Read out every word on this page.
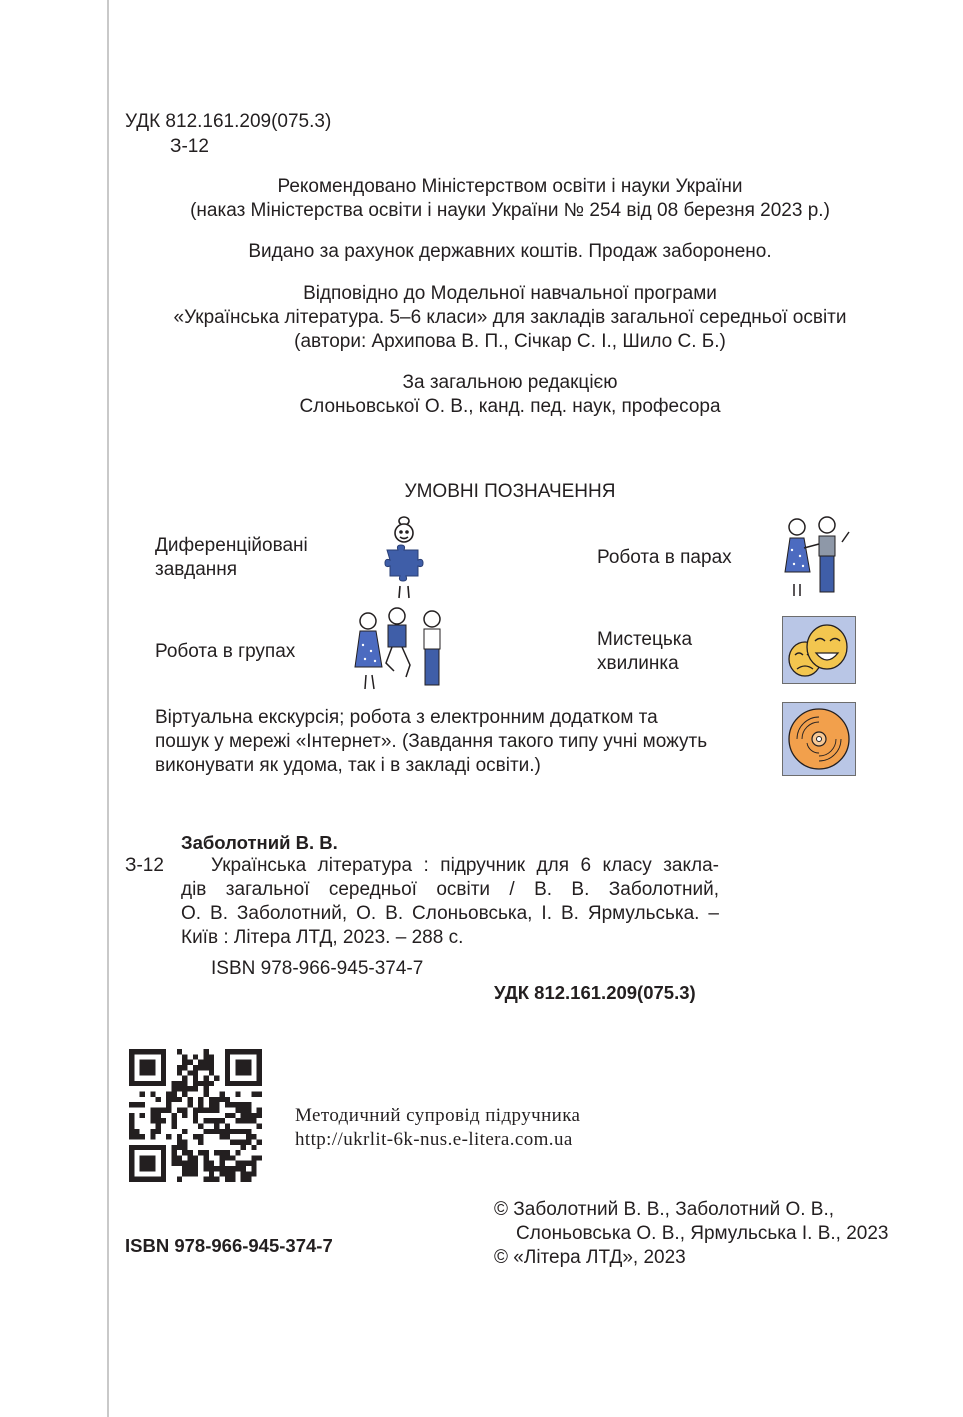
УДК 812.161.209(075.3)
З-12
Рекомендовано Міністерством освіти і науки України
(наказ Міністерства освіти і науки України № 254 від 08 березня 2023 р.)
Видано за рахунок державних коштів. Продаж заборонено.
Відповідно до Модельної навчальної програми
«Українська література. 5–6 класи» для закладів загальної середньої освіти
(автори: Архипова В. П., Січкар С. І., Шило С. Б.)
За загальною редакцією
Слоньовської О. В., канд. пед. наук, професора
УМОВНІ ПОЗНАЧЕННЯ
Диференційовані
завдання
Робота в парах
Робота в групах
Мистецька
хвилинка
Віртуальна екскурсія; робота з електронним додатком та
пошук у мережі «Інтернет». (Завдання такого типу учні можуть
виконувати як удома, так і в закладі освіти.)
Заболотний В. В.
З-12 Українська література : підручник для 6 класу закла-
дів загальної середньої освіти / В. В. Заболотний,
О. В. Заболотний, О. В. Слоньовська, І. В. Ярмульська. –
Київ : Літера ЛТД, 2023. – 288 с.
ISBN 978-966-945-374-7
УДК 812.161.209(075.3)
Методичний супровід підручника
http://ukrlit-6k-nus.e-litera.com.ua
© Заболотний В. В., Заболотний О. В.,
Слоньовська О. В., Ярмульська І. В., 2023
© «Літера ЛТД», 2023
ISBN 978-966-945-374-7
